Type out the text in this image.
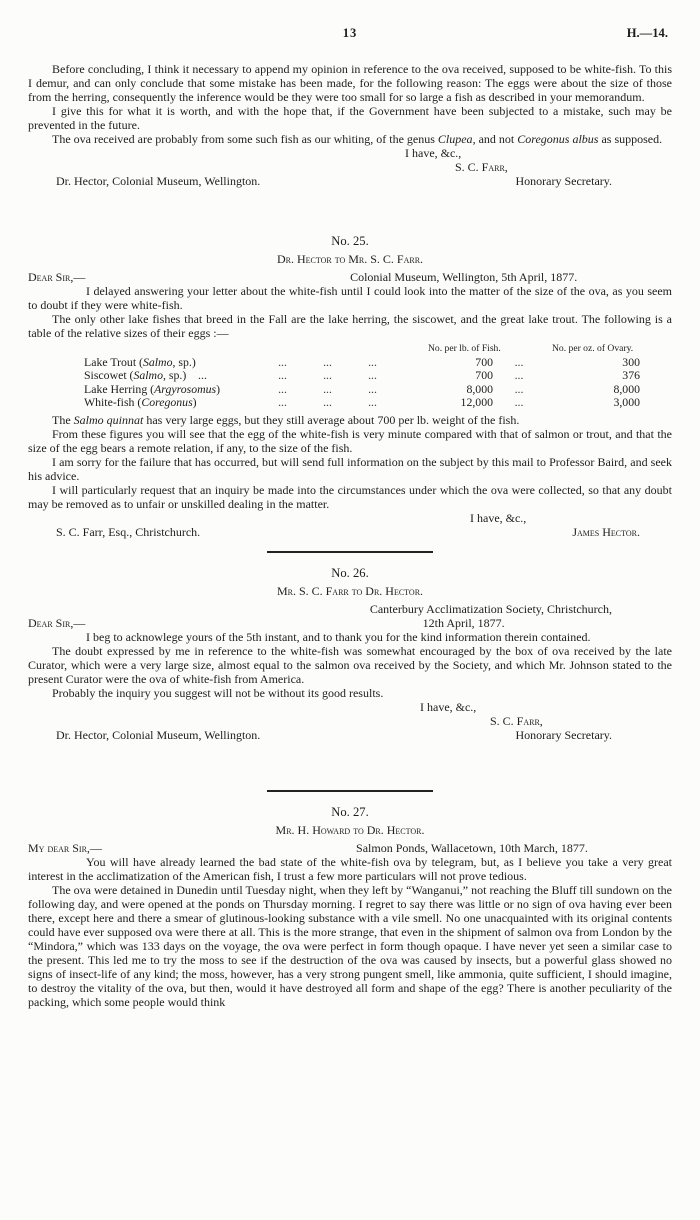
13	H.—14.

Before concluding, I think it necessary to append my opinion in reference to the ova received, supposed to be white-fish. To this I demur, and can only conclude that some mistake has been made, for the following reason: The eggs were about the size of those from the herring, consequently the inference would be they were too small for so large a fish as described in your memorandum.

I give this for what it is worth, and with the hope that, if the Government have been subjected to a mistake, such may be prevented in the future.

The ova received are probably from some such fish as our whiting, of the genus Clupea, and not Coregonus albus as supposed.

I have, &c.,
S. C. Farr,
Dr. Hector, Colonial Museum, Wellington.	Honorary Secretary.
No. 25.
Dr. Hector to Mr. S. C. Farr.
Dear Sir,—	Colonial Museum, Wellington, 5th April, 1877.

I delayed answering your letter about the white-fish until I could look into the matter of the size of the ova, as you seem to doubt if they were white-fish.

The only other lake fishes that breed in the Fall are the lake herring, the siscowet, and the great lake trout. The following is a table of the relative sizes of their eggs :—

No. per lb. of Fish.	No. per oz. of Ovary.
Lake Trout (Salmo, sp.)	...	...	...	700	...	300
Siscowet (Salmo, sp.) ...	...	...	...	700	...	376
Lake Herring (Argyrosomus)	...	...	...	8,000	...	8,000
White-fish (Coregonus)	...	...	...	12,000	...	3,000

The Salmo quinnat has very large eggs, but they still average about 700 per lb. weight of the fish.

From these figures you will see that the egg of the white-fish is very minute compared with that of salmon or trout, and that the size of the egg bears a remote relation, if any, to the size of the fish.

I am sorry for the failure that has occurred, but will send full information on the subject by this mail to Professor Baird, and seek his advice.

I will particularly request that an inquiry be made into the circumstances under which the ova were collected, so that any doubt may be removed as to unfair or unskilled dealing in the matter.

I have, &c.,
S. C. Farr, Esq., Christchurch.	James Hector.
No. 26.
Mr. S. C. Farr to Dr. Hector.
Canterbury Acclimatization Society, Christchurch,
Dear Sir,—	12th April, 1877.

I beg to acknowlege yours of the 5th instant, and to thank you for the kind information therein contained.

The doubt expressed by me in reference to the white-fish was somewhat encouraged by the box of ova received by the late Curator, which were a very large size, almost equal to the salmon ova received by the Society, and which Mr. Johnson stated to the present Curator were the ova of white-fish from America.

Probably the inquiry you suggest will not be without its good results.

I have, &c.,
S. C. Farr,
Dr. Hector, Colonial Museum, Wellington.	Honorary Secretary.
No. 27.
Mr. H. Howard to Dr. Hector.
My dear Sir,—	Salmon Ponds, Wallacetown, 10th March, 1877.

You will have already learned the bad state of the white-fish ova by telegram, but, as I believe you take a very great interest in the acclimatization of the American fish, I trust a few more particulars will not prove tedious.

The ova were detained in Dunedin until Tuesday night, when they left by “Wanganui,” not reaching the Bluff till sundown on the following day, and were opened at the ponds on Thursday morning. I regret to say there was little or no sign of ova having ever been there, except here and there a smear of glutinous-looking substance with a vile smell. No one unacquainted with its original contents could have ever supposed ova were there at all. This is the more strange, that even in the shipment of salmon ova from London by the “Mindora,” which was 133 days on the voyage, the ova were perfect in form though opaque. I have never yet seen a similar case to the present. This led me to try the moss to see if the destruction of the ova was caused by insects, but a powerful glass showed no signs of insect-life of any kind; the moss, however, has a very strong pungent smell, like ammonia, quite sufficient, I should imagine, to destroy the vitality of the ova, but then, would it have destroyed all form and shape of the egg? There is another peculiarity of the packing, which some people would think
